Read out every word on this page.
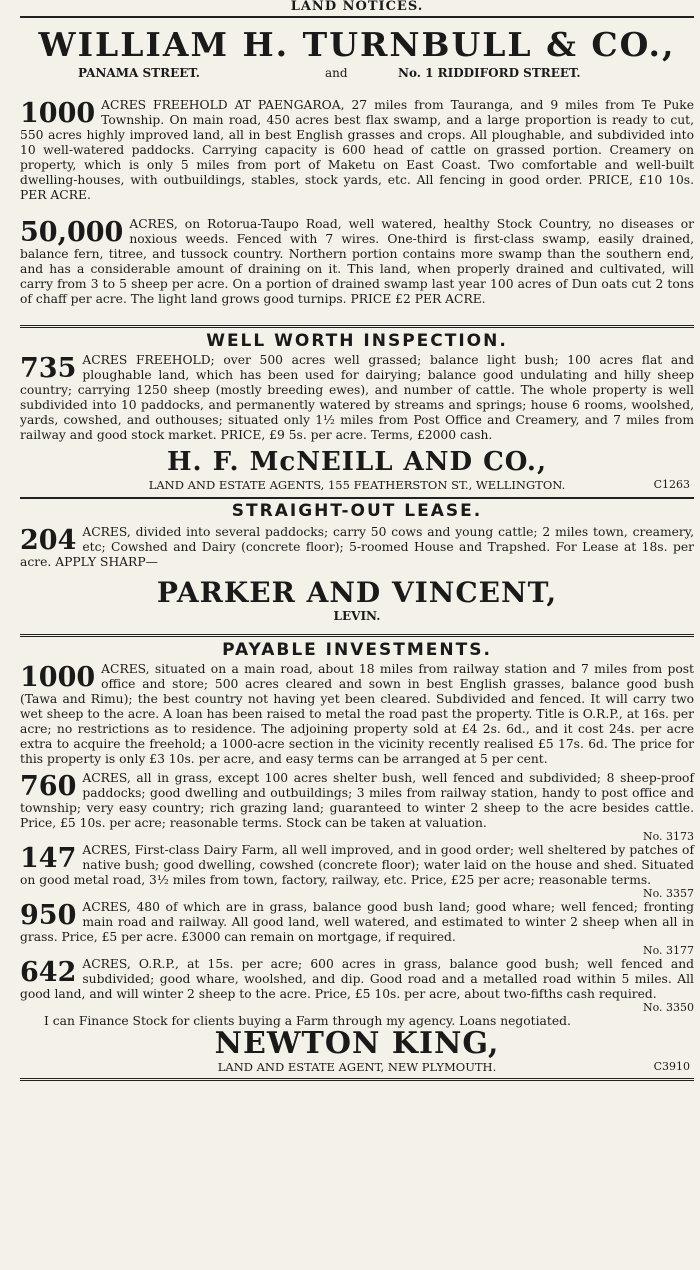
LAND NOTICES.
WILLIAM H. TURNBULL & CO.,
PANAMA STREET.	and	No. 1 RIDDIFORD STREET.
1000 ACRES FREEHOLD AT PAENGAROA, 27 miles from Tauranga, and 9 miles from Te Puke Township. On main road, 450 acres best flax swamp, and a large proportion is ready to cut, 550 acres highly improved land, all in best English grasses and crops. All ploughable, and subdivided into 10 well-watered paddocks. Carrying capacity is 600 head of cattle on grassed portion. Creamery on property, which is only 5 miles from port of Maketu on East Coast. Two comfortable and well-built dwelling-houses, with outbuildings, stables, stock yards, etc. All fencing in good order. PRICE, £10 10s. PER ACRE.
50,000 ACRES, on Rotorua-Taupo Road, well watered, healthy Stock Country, no diseases or noxious weeds. Fenced with 7 wires. One-third is first-class swamp, easily drained, balance fern, titree, and tussock country. Northern portion contains more swamp than the southern end, and has a considerable amount of draining on it. This land, when properly drained and cultivated, will carry from 3 to 5 sheep per acre. On a portion of drained swamp last year 100 acres of Dun oats cut 2 tons of chaff per acre. The light land grows good turnips. PRICE £2 PER ACRE.
WELL WORTH INSPECTION.
735 ACRES FREEHOLD; over 500 acres well grassed; balance light bush; 100 acres flat and ploughable land, which has been used for dairying; balance good undulating and hilly sheep country; carrying 1250 sheep (mostly breeding ewes), and number of cattle. The whole property is well subdivided into 10 paddocks, and permanently watered by streams and springs; house 6 rooms, woolshed, yards, cowshed, and outhouses; situated only 1½ miles from Post Office and Creamery, and 7 miles from railway and good stock market. PRICE, £9 5s. per acre. Terms, £2000 cash.
H. F. McNEILL AND CO.,
LAND AND ESTATE AGENTS, 155 FEATHERSTON ST., WELLINGTON.	C1263
STRAIGHT-OUT LEASE.
204 ACRES, divided into several paddocks; carry 50 cows and young cattle; 2 miles town, creamery, etc; Cowshed and Dairy (concrete floor); 5-roomed House and Trapshed. For Lease at 18s. per acre. APPLY SHARP—
PARKER AND VINCENT,
LEVIN.
PAYABLE INVESTMENTS.
1000 ACRES, situated on a main road, about 18 miles from railway station and 7 miles from post office and store; 500 acres cleared and sown in best English grasses, balance good bush (Tawa and Rimu); the best country not having yet been cleared. Subdivided and fenced. It will carry two wet sheep to the acre. A loan has been raised to metal the road past the property. Title is O.R.P., at 16s. per acre; no restrictions as to residence. The adjoining property sold at £4 2s. 6d., and it cost 24s. per acre extra to acquire the freehold; a 1000-acre section in the vicinity recently realised £5 17s. 6d. The price for this property is only £3 10s. per acre, and easy terms can be arranged at 5 per cent.
760 ACRES, all in grass, except 100 acres shelter bush, well fenced and subdivided; 8 sheep-proof paddocks; good dwelling and outbuildings; 3 miles from railway station, handy to post office and township; very easy country; rich grazing land; guaranteed to winter 2 sheep to the acre besides cattle. Price, £5 10s. per acre; reasonable terms. Stock can be taken at valuation.
No. 3173
147 ACRES, First-class Dairy Farm, all well improved, and in good order; well sheltered by patches of native bush; good dwelling, cowshed (concrete floor); water laid on the house and shed. Situated on good metal road, 3½ miles from town, factory, railway, etc. Price, £25 per acre; reasonable terms.
No. 3357
950 ACRES, 480 of which are in grass, balance good bush land; good whare; well fenced; fronting main road and railway. All good land, well watered, and estimated to winter 2 sheep when all in grass. Price, £5 per acre. £3000 can remain on mortgage, if required.
No. 3177
642 ACRES, O.R.P., at 15s. per acre; 600 acres in grass, balance good bush; well fenced and subdivided; good whare, woolshed, and dip. Good road and a metalled road within 5 miles. All good land, and will winter 2 sheep to the acre. Price, £5 10s. per acre, about two-fifths cash required.
No. 3350
I can Finance Stock for clients buying a Farm through my agency. Loans negotiated.
NEWTON KING,
LAND AND ESTATE AGENT, NEW PLYMOUTH.	C3910
